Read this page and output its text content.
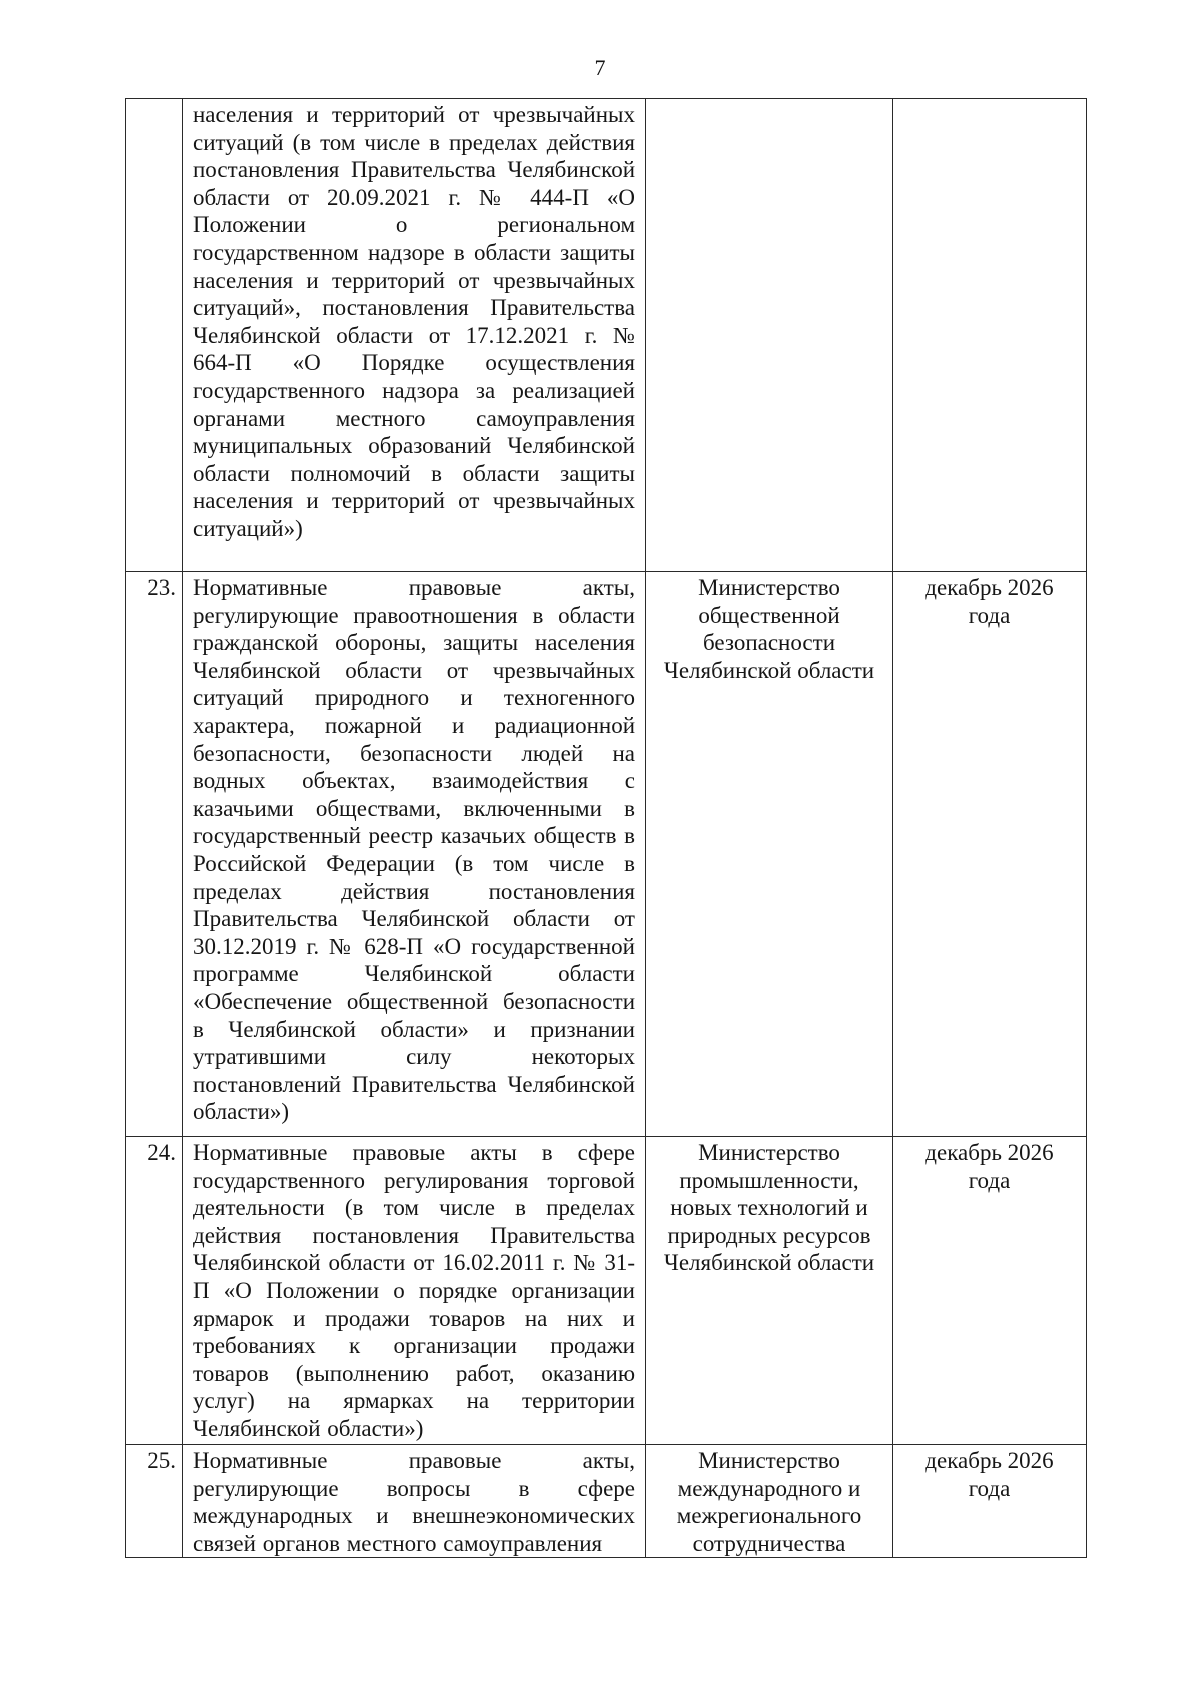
7
	населения и территорий от чрезвычайных ситуаций (в том числе в пределах действия постановления Правительства Челябинской области от 20.09.2021 г. № 444-П «О Положении о региональном государственном надзоре в области защиты населения и территорий от чрезвычайных ситуаций», постановления Правительства Челябинской области от 17.12.2021 г. № 664-П «О Порядке осуществления государственного надзора за реализацией органами местного самоуправления муниципальных образований Челябинской области полномочий в области защиты населения и территорий от чрезвычайных ситуаций»)		
23.	Нормативные правовые акты, регулирующие правоотношения в области гражданской обороны, защиты населения Челябинской области от чрезвычайных ситуаций природного и техногенного характера, пожарной и радиационной безопасности, безопасности людей на водных объектах, взаимодействия с казачьими обществами, включенными в государственный реестр казачьих обществ в Российской Федерации (в том числе в пределах действия постановления Правительства Челябинской области от 30.12.2019 г. № 628-П «О государственной программе Челябинской области «Обеспечение общественной безопасности в Челябинской области» и признании утратившими силу некоторых постановлений Правительства Челябинской области»)	Министерство общественной безопасности Челябинской области	декабрь 2026 года
24.	Нормативные правовые акты в сфере государственного регулирования торговой деятельности (в том числе в пределах действия постановления Правительства Челябинской области от 16.02.2011 г. № 31-П «О Положении о порядке организации ярмарок и продажи товаров на них и требованиях к организации продажи товаров (выполнению работ, оказанию услуг) на ярмарках на территории Челябинской области»)	Министерство промышленности, новых технологий и природных ресурсов Челябинской области	декабрь 2026 года
25.	Нормативные правовые акты, регулирующие вопросы в сфере международных и внешнеэкономических связей органов местного самоуправления	Министерство международного и межрегионального сотрудничества	декабрь 2026 года
